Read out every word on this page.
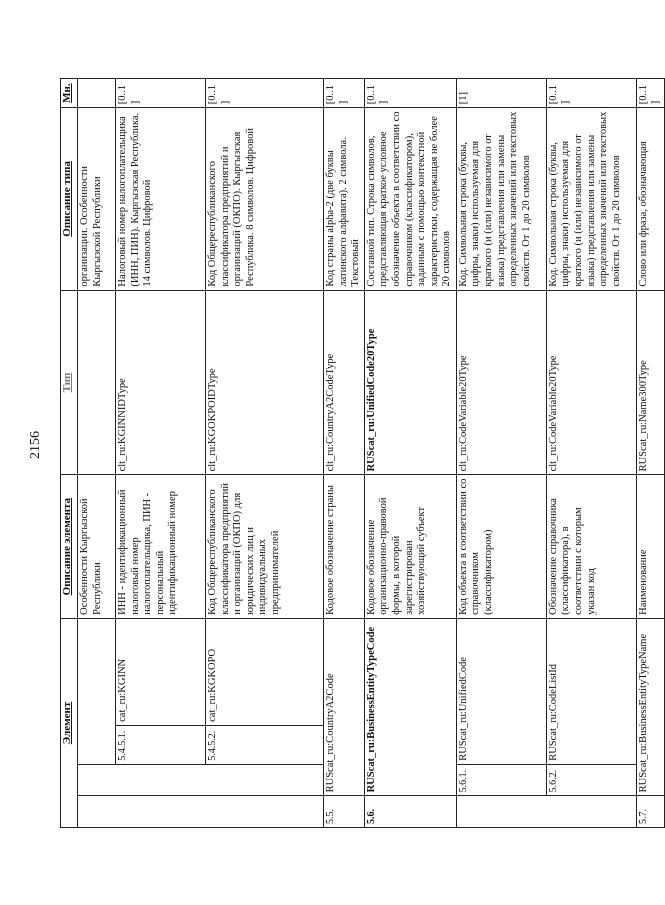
2156
Элемент				Описание элемента	Тип	Описание типа	Мн.
				Особенности Кыргызской Республики		организации. Особенности Кыргызской Республики	
		5.4.5.1.	cat_ru:KGINN	ИНН - идентификационный налоговый номер налогоплательщика, ПИН - персональный идентификационный номер	clt_ru:KGINNIDType	Налоговый номер налогоплательщика (ИНН, ПИН). Кыргызская Республика. 14 символов. Цифровой	[0..1]
		5.4.5.2.	cat_ru:KGKOPO	Код Общереспубликанского классификатора предприятий и организаций (ОКПО) для юридических лиц и индивидуальных предпринимателей	clt_ru:KGOKPOIDType	Код Общереспубликанского классификатора предприятий и организаций (ОКПО). Кыргызская Республика. 8 символов. Цифровой	[0..1]
5.5.	RUScat_ru:CountryA2Code			Кодовое обозначение страны	clt_ru:CountryA2CodeType	Код страны alpha-2 (две буквы латинского алфавита). 2 символа. Текстовый	[0..1]
5.6.	RUScat_ru:BusinessEntityTypeCode			Кодовое обозначение организационно-правовой формы, в которой зарегистрирован хозяйствующий субъект	RUScat_ru:UnifiedCode20Type	Составной тип. Строка символов, представляющая краткое условное обозначение объекта в соответствии со справочником (классификатором), заданным с помощью контекстной характеристики, содержащая не более 20 символов	[0..1]
	5.6.1.	RUScat_ru:UnifiedCode		Код объекта в соответствии со справочником (классификатором)	clt_ru:CodeVariable20Type	Код. Символьная строка (буквы, цифры, знаки) используемая для краткого (и (или) независимого от языка) представления или замены определенных значений или текстовых свойств. От 1 до 20 символов	[1]
	5.6.2.	RUScat_ru:CodeListId		Обозначение справочника (классификатора), в соответствии с которым указан код	clt_ru:CodeVariable20Type	Код. Символьная строка (буквы, цифры, знаки) используемая для краткого (и (или) независимого от языка) представления или замены определенных значений или текстовых свойств. От 1 до 20 символов	[0..1]
5.7.	RUScat_ru:BusinessEntityTypeName			Наименование	RUScat_ru:Name300Type	Слово или фраза, обозначающая	[0..1]
